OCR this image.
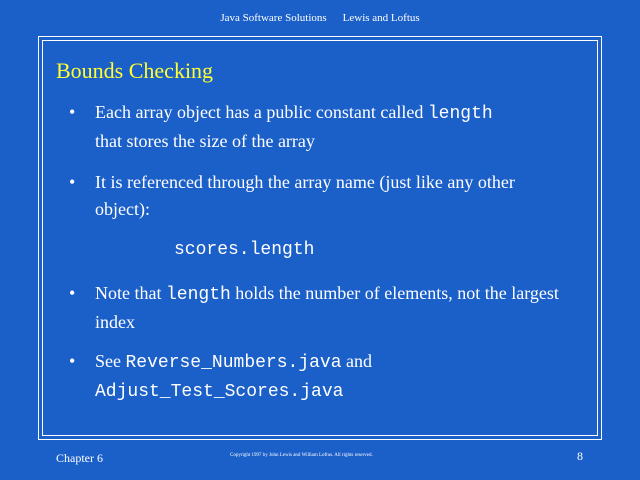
Java Software Solutions Lewis and Loftus
Bounds Checking
• Each array object has a public constant called length
that stores the size of the array
• It is referenced through the array name (just like any other object):
scores.length
• Note that length holds the number of elements, not the largest index
• See Reverse_Numbers.java and
Adjust_Test_Scores.java
Chapter 6	Copyright 1997 by John Lewis and William Loftus. All rights reserved.	8
